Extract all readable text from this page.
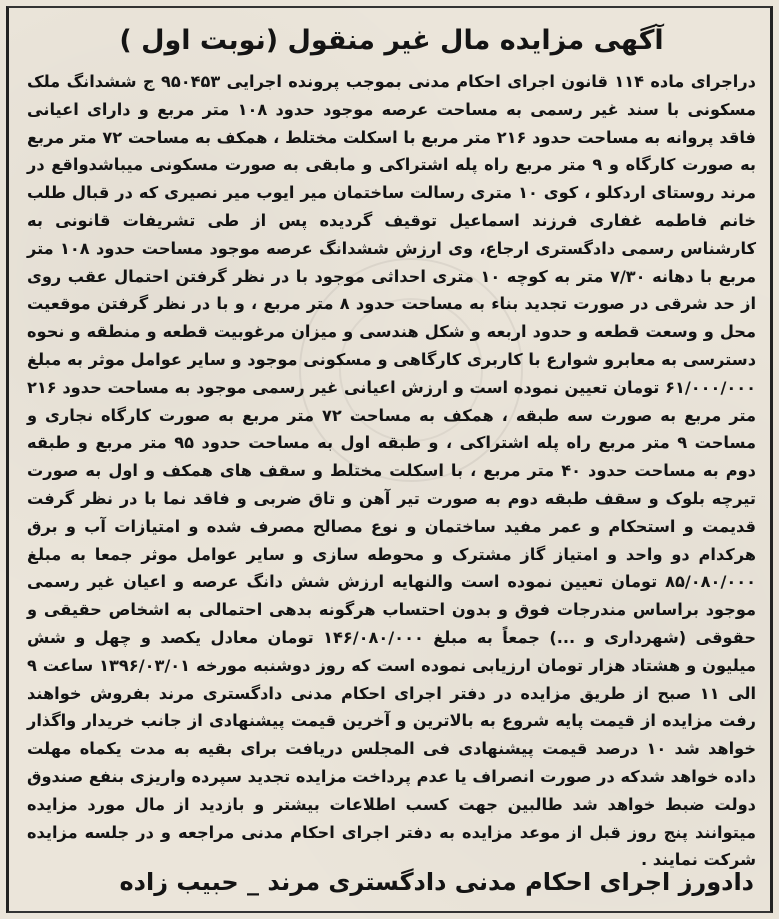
آگهی مزایده مال غیر منقول (نوبت اول )

دراجرای ماده ۱۱۴ قانون اجرای احکام مدنی بموجب پرونده اجرایی ۹۵۰۴۵۳ ج ششدانگ ملک مسکونی با سند غیر رسمی به مساحت عرصه موجود حدود ۱۰۸ متر مربع و دارای اعیانی فاقد پروانه به مساحت حدود ۲۱۶ متر مربع با اسکلت مختلط ، همکف به مساحت ۷۲ متر مربع به صورت کارگاه و ۹ متر مربع راه پله اشتراکی و مابقی به صورت مسکونی میباشدواقع در مرند روستای اردکلو ، کوی ۱۰ متری رسالت ساختمان میر ایوب میر نصیری که در قبال طلب خانم فاطمه غفاری فرزند اسماعیل توقیف گردیده پس از طی تشریفات قانونی به کارشناس رسمی دادگستری ارجاع، وی ارزش ششدانگ عرصه موجود مساحت حدود ۱۰۸ متر مربع با دهانه ۷/۳۰ متر به کوچه ۱۰ متری احداثی موجود با در نظر گرفتن احتمال عقب روی از حد شرقی در صورت تجدید بناء به مساحت حدود ۸ متر مربع ، و با در نظر گرفتن موقعیت محل و وسعت قطعه و حدود اربعه و شکل هندسی و میزان مرغوبیت قطعه و منطقه و نحوه دسترسی به معابرو شوارع با کاربری کارگاهی و مسکونی موجود و سایر عوامل موثر به مبلغ ۶۱/۰۰۰/۰۰۰ تومان تعیین نموده است و ارزش اعیانی غیر رسمی موجود به مساحت حدود ۲۱۶ متر مربع به صورت سه طبقه ، همکف به مساحت ۷۲ متر مربع به صورت کارگاه نجاری و مساحت ۹ متر مربع راه پله اشتراکی ، و طبقه اول به مساحت حدود ۹۵ متر مربع و طبقه دوم به مساحت حدود ۴۰ متر مربع ، با اسکلت مختلط و سقف های همکف و اول به صورت تیرچه بلوک و سقف طبقه دوم به صورت تیر آهن و تاق ضربی و فاقد نما با در نظر گرفت قدیمت و استحکام و عمر مفید ساختمان و نوع مصالح مصرف شده و امتیازات آب و برق هرکدام دو واحد و امتیاز گاز مشترک و محوطه سازی و سایر عوامل موثر جمعا به مبلغ ۸۵/۰۸۰/۰۰۰ تومان تعیین نموده است والنهایه ارزش شش دانگ عرصه و اعیان غیر رسمی موجود براساس مندرجات فوق و بدون احتساب هرگونه بدهی احتمالی به اشخاص حقیقی و حقوقی (شهرداری و ...) جمعاً به مبلغ ۱۴۶/۰۸۰/۰۰۰ تومان معادل یکصد و چهل و شش میلیون و هشتاد هزار تومان ارزیابی نموده است که روز دوشنبه مورخه ۱۳۹۶/۰۳/۰۱ ساعت ۹ الی ۱۱ صبح از طریق مزایده در دفتر اجرای احکام مدنی دادگستری مرند بفروش خواهند رفت مزایده از قیمت پایه شروع به بالاترین و آخرین قیمت پیشنهادی از جانب خریدار واگذار خواهد شد ۱۰ درصد قیمت پیشنهادی فی المجلس دریافت برای بقیه به مدت یکماه مهلت داده خواهد شدکه در صورت انصراف یا عدم پرداخت مزایده تجدید سپرده واریزی بنفع صندوق دولت ضبط خواهد شد طالبین جهت کسب اطلاعات بیشتر و بازدید از مال مورد مزایده میتوانند پنج روز قبل از موعد مزایده به دفتر اجرای احکام مدنی مراجعه و در جلسه مزایده شرکت نمایند .

دادورز اجرای احکام مدنی دادگستری مرند _ حبیب زاده
